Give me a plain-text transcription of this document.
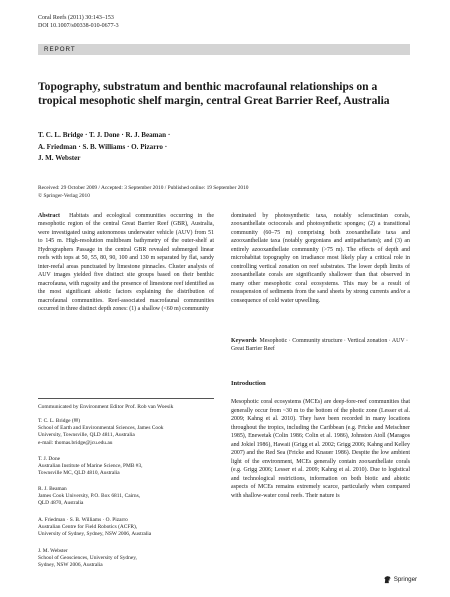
Coral Reefs (2011) 30:143–153
DOI 10.1007/s00338-010-0677-3
REPORT
Topography, substratum and benthic macrofaunal relationships on a tropical mesophotic shelf margin, central Great Barrier Reef, Australia
T. C. L. Bridge · T. J. Done · R. J. Beaman ·
A. Friedman · S. B. Williams · O. Pizarro ·
J. M. Webster
Received: 29 October 2009 / Accepted: 3 September 2010 / Published online: 19 September 2010
© Springer-Verlag 2010
Abstract Habitats and ecological communities occurring in the mesophotic region of the central Great Barrier Reef (GBR), Australia, were investigated using autonomous underwater vehicle (AUV) from 51 to 145 m. High-resolution multibeam bathymetry of the outer-shelf at Hydrographers Passage in the central GBR revealed submerged linear reefs with tops at 50, 55, 80, 90, 100 and 130 m separated by flat, sandy inter-reefal areas punctuated by limestone pinnacles. Cluster analysis of AUV images yielded five distinct site groups based on their benthic macrofauna, with rugosity and the presence of limestone reef identified as the most significant abiotic factors explaining the distribution of macrofaunal communities. Reef-associated macrofaunal communities occurred in three distinct depth zones: (1) a shallow (<60 m) community
dominated by photosynthetic taxa, notably scleractinian corals, zooxanthellate octocorals and photosynthetic sponges; (2) a transitional community (60–75 m) comprising both zooxanthellate taxa and azooxanthellate taxa (notably gorgonians and antipatharians); and (3) an entirely azooxanthellate community (>75 m). The effects of depth and microhabitat topography on irradiance most likely play a critical role in controlling vertical zonation on reef substrates. The lower depth limits of zooxanthellate corals are significantly shallower than that observed in many other mesophotic coral ecosystems. This may be a result of resuspension of sediments from the sand sheets by strong currents and/or a consequence of cold water upwelling.
Keywords Mesophotic · Community structure · Vertical zonation · AUV · Great Barrier Reef
Communicated by Environment Editor Prof. Rob van Woesik
T. C. L. Bridge (✉)
School of Earth and Environmental Sciences, James Cook
University, Townsville, QLD 4811, Australia
e-mail: thomas.bridge@jcu.edu.au
T. J. Done
Australian Institute of Marine Science, PMB #3,
Townsville MC, QLD 4810, Australia
R. J. Beaman
James Cook University, P.O. Box 6811, Cairns,
QLD 4870, Australia
A. Friedman · S. B. Williams · O. Pizarro
Australian Centre for Field Robotics (ACFR),
University of Sydney, Sydney, NSW 2006, Australia
J. M. Webster
School of Geosciences, University of Sydney,
Sydney, NSW 2006, Australia
Introduction
Mesophotic coral ecosystems (MCEs) are deep-fore-reef communities that generally occur from ~30 m to the bottom of the photic zone (Lesser et al. 2009; Kahng et al. 2010). They have been recorded in many locations throughout the tropics, including the Caribbean (e.g. Fricke and Meischner 1985), Enewetak (Colin 1986; Colin et al. 1986), Johnston Atoll (Maragos and Jokiel 1986), Hawaii (Grigg et al. 2002; Grigg 2006; Kahng and Kelley 2007) and the Red Sea (Fricke and Knauer 1986). Despite the low ambient light of the environment, MCEs generally contain zooxanthellate corals (e.g. Grigg 2006; Lesser et al. 2009; Kahng et al. 2010). Due to logistical and technological restrictions, information on both biotic and abiotic aspects of MCEs remains extremely scarce, particularly when compared with shallow-water coral reefs. Their nature is
Springer
